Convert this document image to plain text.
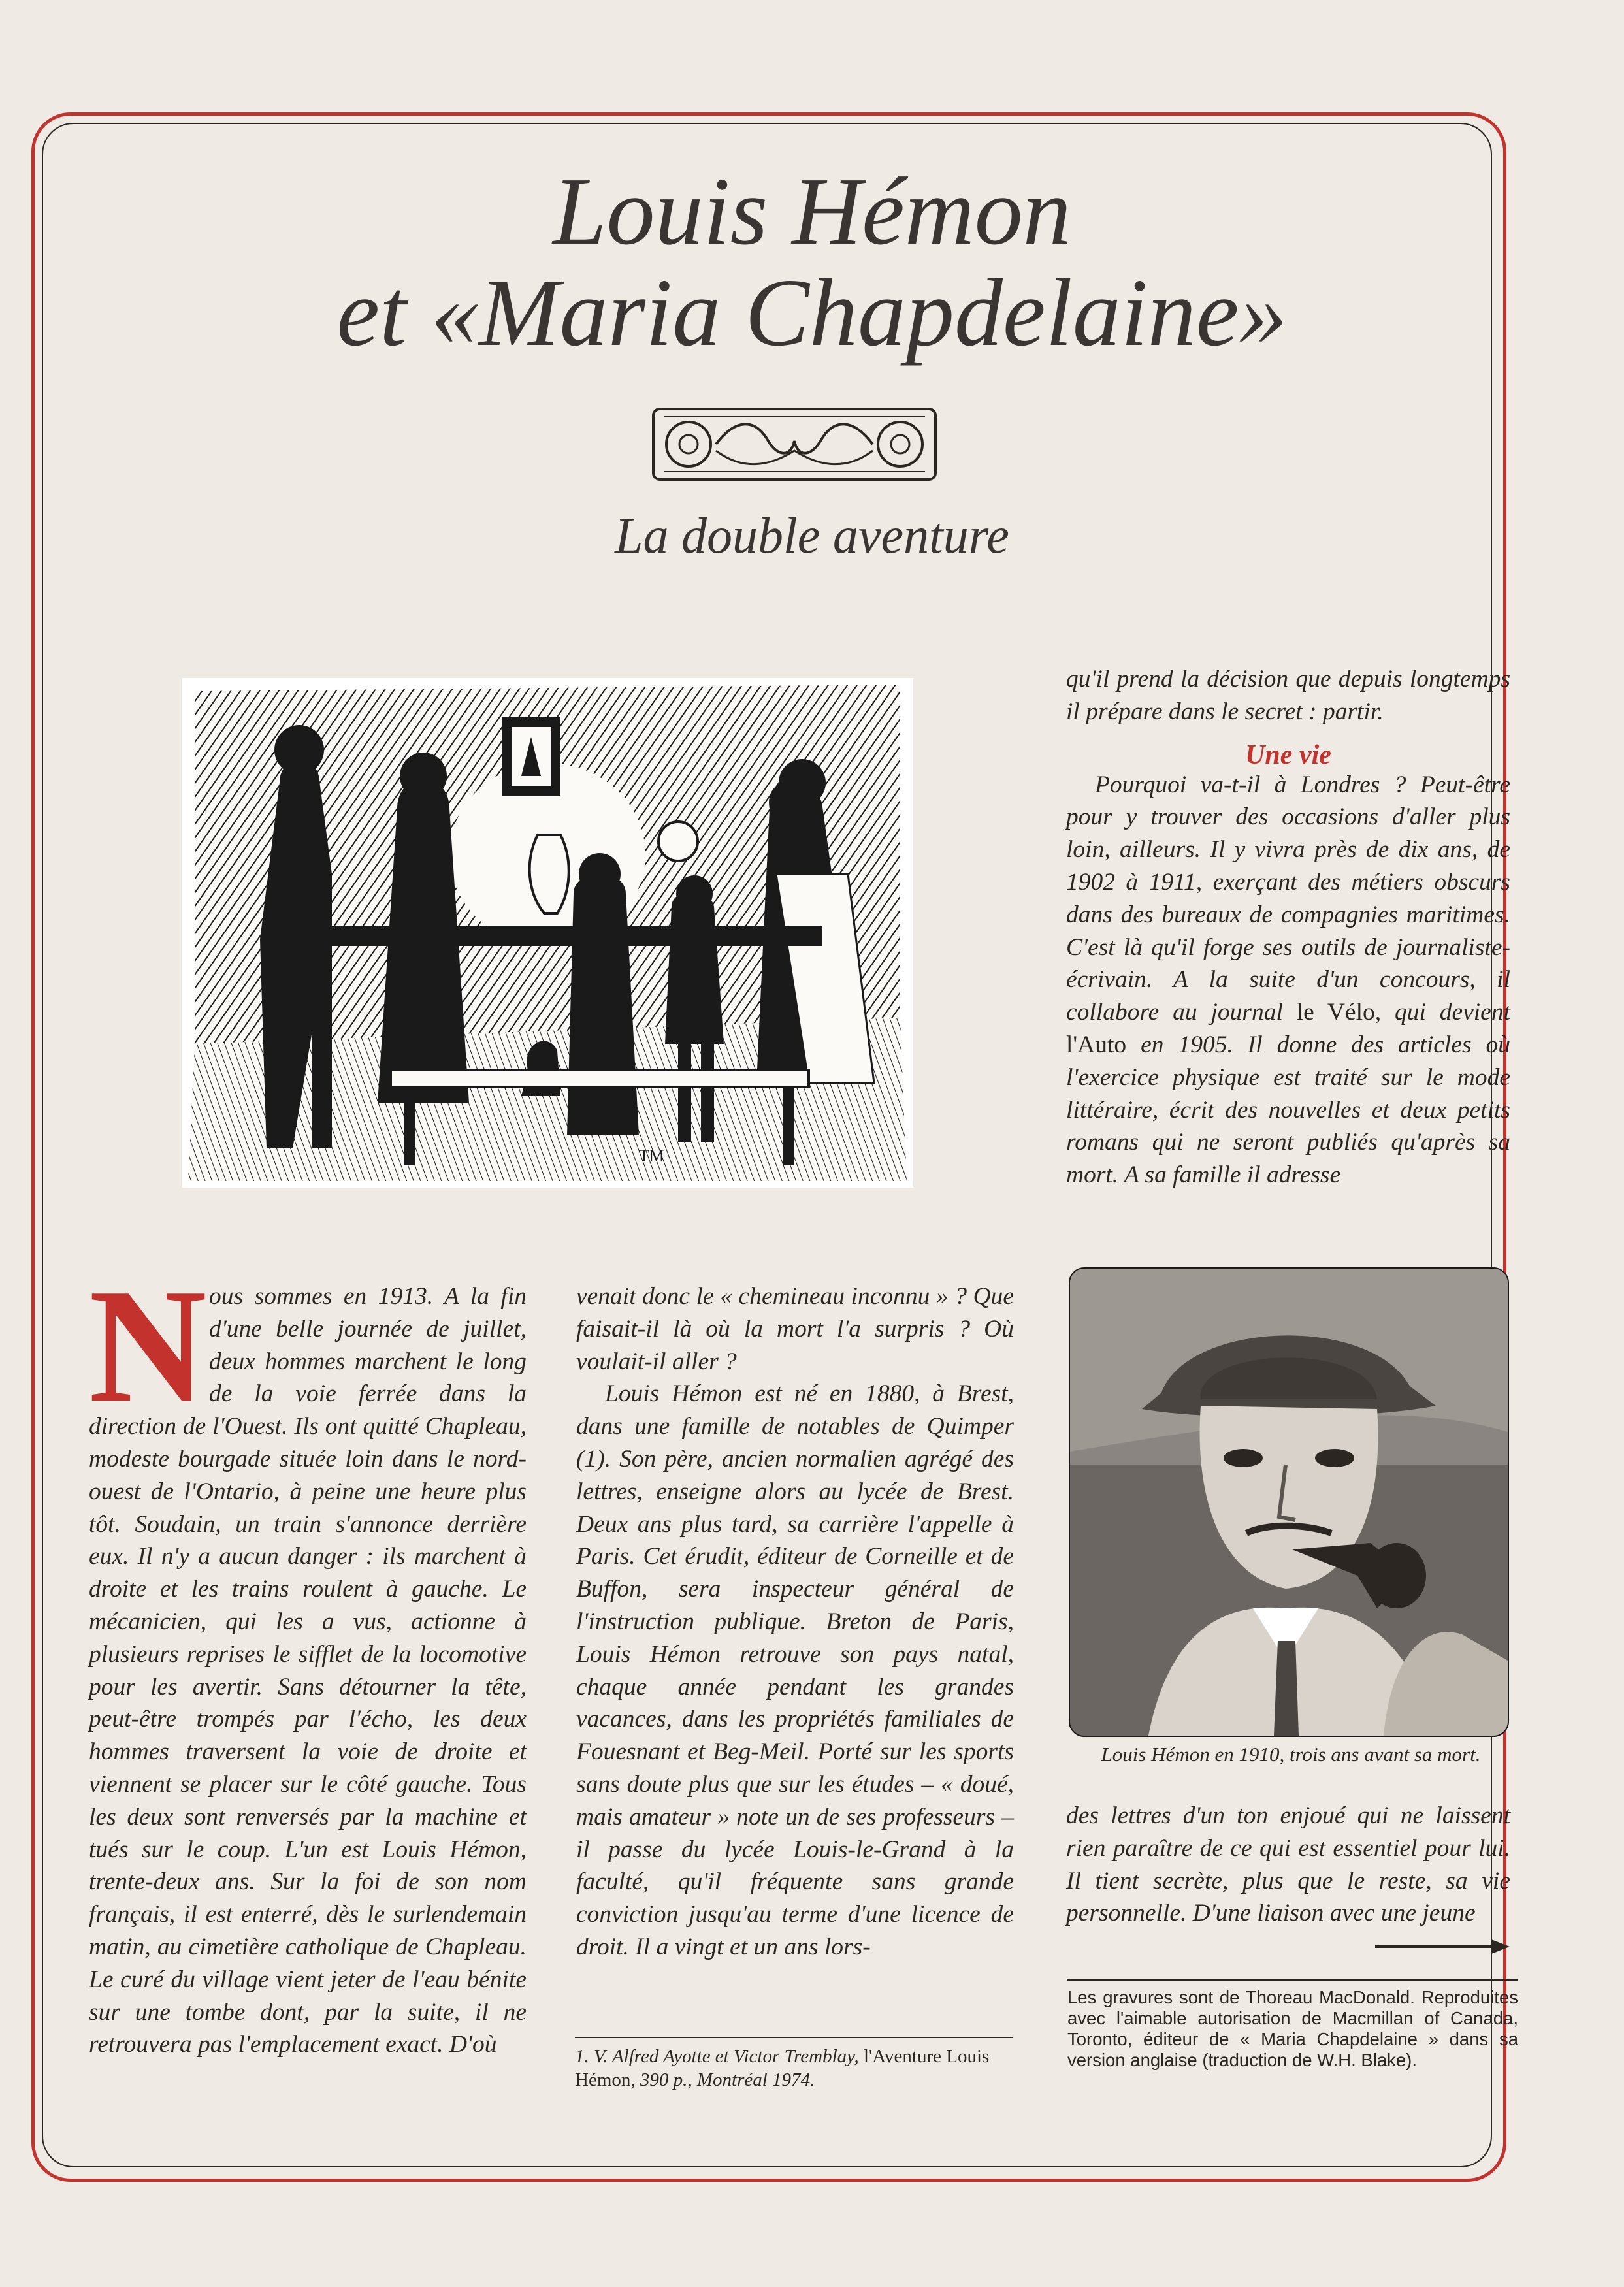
Louis Hémon
et «Maria Chapdelaine»
La double aventure
TM
N ous sommes en 1913. A la fin d'une belle journée de juillet, deux hommes marchent le long de la voie ferrée dans la direction de l'Ouest. Ils ont quitté Chapleau, modeste bourgade située loin dans le nord-ouest de l'Ontario, à peine une heure plus tôt. Soudain, un train s'annonce derrière eux. Il n'y a aucun danger : ils marchent à droite et les trains roulent à gauche. Le mécanicien, qui les a vus, actionne à plusieurs reprises le sifflet de la locomotive pour les avertir. Sans détourner la tête, peut-être trompés par l'écho, les deux hommes traversent la voie de droite et viennent se placer sur le côté gauche. Tous les deux sont renversés par la machine et tués sur le coup. L'un est Louis Hémon, trente-deux ans. Sur la foi de son nom français, il est enterré, dès le surlendemain matin, au cimetière catholique de Chapleau. Le curé du village vient jeter de l'eau bénite sur une tombe dont, par la suite, il ne retrouvera pas l'emplacement exact. D'où

venait donc le « chemineau inconnu » ? Que faisait-il là où la mort l'a surpris ? Où voulait-il aller ?

Louis Hémon est né en 1880, à Brest, dans une famille de notables de Quimper (1). Son père, ancien normalien agrégé des lettres, enseigne alors au lycée de Brest. Deux ans plus tard, sa carrière l'appelle à Paris. Cet érudit, éditeur de Corneille et de Buffon, sera inspecteur général de l'instruction publique. Breton de Paris, Louis Hémon retrouve son pays natal, chaque année pendant les grandes vacances, dans les propriétés familiales de Fouesnant et Beg-Meil. Porté sur les sports sans doute plus que sur les études – « doué, mais amateur » note un de ses professeurs – il passe du lycée Louis-le-Grand à la faculté, qu'il fréquente sans grande conviction jusqu'au terme d'une licence de droit. Il a vingt et un ans lors-

qu'il prend la décision que depuis longtemps il prépare dans le secret : partir.

Pourquoi va-t-il à Londres ? Peut-être pour y trouver des occasions d'aller plus loin, ailleurs. Il y vivra près de dix ans, de 1902 à 1911, exerçant des métiers obscurs dans des bureaux de compagnies maritimes. C'est là qu'il forge ses outils de journaliste-écrivain. A la suite d'un concours, il collabore au journal le Vélo, qui devient l'Auto en 1905. Il donne des articles où l'exercice physique est traité sur le mode littéraire, écrit des nouvelles et deux petits romans qui ne seront publiés qu'après sa mort. A sa famille il adresse

Une vie
Louis Hémon en 1910, trois ans avant sa mort.

des lettres d'un ton enjoué qui ne laissent rien paraître de ce qui est essentiel pour lui. Il tient secrète, plus que le reste, sa vie personnelle. D'une liaison avec une jeune

Les gravures sont de Thoreau MacDonald. Reproduites avec l'aimable autorisation de Macmillan of Canada, Toronto, éditeur de « Maria Chapdelaine » dans sa version anglaise (traduction de W.H. Blake).
1. V. Alfred Ayotte et Victor Tremblay, l'Aventure Louis Hémon, 390 p., Montréal 1974.
